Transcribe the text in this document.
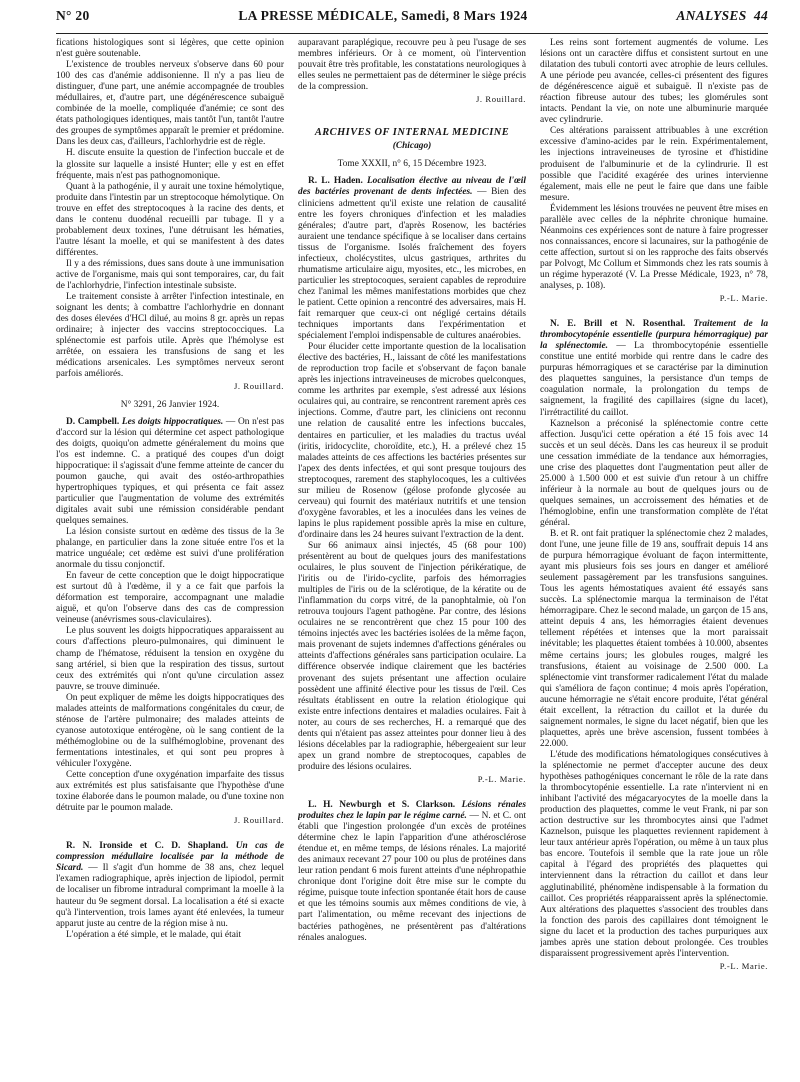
N° 20	LA PRESSE MÉDICALE, Samedi, 8 Mars 1924	ANALYSES 44

fications histologiques sont si légères, que cette opinion n'est guère soutenable.

L'existence de troubles nerveux s'observe dans 60 pour 100 des cas d'anémie addisonienne. Il n'y a pas lieu de distinguer, d'une part, une anémie accompagnée de troubles médullaires, et, d'autre part, une dégénérescence subaiguë combinée de la moelle, compliquée d'anémie; ce sont des états pathologiques identiques, mais tantôt l'un, tantôt l'autre des groupes de symptômes apparaît le premier et prédomine. Dans les deux cas, d'ailleurs, l'achlorhydrie est de règle.

H. discute ensuite la question de l'infection buccale et de la glossite sur laquelle a insisté Hunter; elle y est en effet fréquente, mais n'est pas pathognomonique.

Quant à la pathogénie, il y aurait une toxine hémolytique, produite dans l'intestin par un streptocoque hémolytique. On trouve en effet des streptocoques à la racine des dents, et dans le contenu duodénal recueilli par tubage. Il y a probablement deux toxines, l'une détruisant les hématies, l'autre lésant la moelle, et qui se manifestent à des dates différentes.

Il y a des rémissions, dues sans doute à une immunisation active de l'organisme, mais qui sont temporaires, car, du fait de l'achlorhydrie, l'infection intestinale subsiste.

Le traitement consiste à arrêter l'infection intestinale, en soignant les dents; à combattre l'achlorhydrie en donnant des doses élevées d'HCl dilué, au moins 8 gr. après un repas ordinaire; à injecter des vaccins streptococciques. La splénectomie est parfois utile. Après que l'hémolyse est arrêtée, on essaiera les transfusions de sang et les médications arsenicales. Les symptômes nerveux seront parfois améliorés.

J. Rouillard.
N° 3291, 26 Janvier 1924.

D. Campbell. Les doigts hippocratiques. — On n'est pas d'accord sur la lésion qui détermine cet aspect pathologique des doigts, quoiqu'on admette généralement du moins que l'os est indemne. C. a pratiqué des coupes d'un doigt hippocratique: il s'agissait d'une femme atteinte de cancer du poumon gauche, qui avait des ostéo-arthropathies hypertrophiques typiques, et qui présenta ce fait assez particulier que l'augmentation de volume des extrémités digitales avait subi une rémission considérable pendant quelques semaines.

La lésion consiste surtout en œdème des tissus de la 3e phalange, en particulier dans la zone située entre l'os et la matrice unguéale; cet œdème est suivi d'une prolifération anormale du tissu conjonctif.

En faveur de cette conception que le doigt hippocratique est surtout dû à l'œdème, il y a ce fait que parfois la déformation est temporaire, accompagnant une maladie aiguë, et qu'on l'observe dans des cas de compression veineuse (anévrismes sous-claviculaires).

Le plus souvent les doigts hippocratiques apparaissent au cours d'affections pleuro-pulmonaires, qui diminuent le champ de l'hématose, réduisent la tension en oxygène du sang artériel, si bien que la respiration des tissus, surtout ceux des extrémités qui n'ont qu'une circulation assez pauvre, se trouve diminuée.

On peut expliquer de même les doigts hippocratiques des malades atteints de malformations congénitales du cœur, de sténose de l'artère pulmonaire; des malades atteints de cyanose autotoxique entérogène, où le sang contient de la méthémoglobine ou de la sulfhémoglobine, provenant des fermentations intestinales, et qui sont peu propres à véhiculer l'oxygène.

Cette conception d'une oxygénation imparfaite des tissus aux extrémités est plus satisfaisante que l'hypothèse d'une toxine élaborée dans le poumon malade, ou d'une toxine non détruite par le poumon malade.

J. Rouillard.

R. N. Ironside et C. D. Shapland. Un cas de compression médullaire localisée par la méthode de Sicard. — Il s'agit d'un homme de 38 ans, chez lequel l'examen radiographique, après injection de lipiodol, permit de localiser un fibrome intradural comprimant la moelle à la hauteur du 9e segment dorsal. La localisation a été si exacte qu'à l'intervention, trois lames ayant été enlevées, la tumeur apparut juste au centre de la région mise à nu.

L'opération a été simple, et le malade, qui était

auparavant paraplégique, recouvre peu à peu l'usage de ses membres inférieurs. Or à ce moment, où l'intervention pouvait être très profitable, les constatations neurologiques à elles seules ne permettaient pas de déterminer le siège précis de la compression.

J. Rouillard.
ARCHIVES OF INTERNAL MEDICINE
(Chicago)
Tome XXXII, n° 6, 15 Décembre 1923.

R. L. Haden. Localisation élective au niveau de l'œil des bactéries provenant de dents infectées. — Bien des cliniciens admettent qu'il existe une relation de causalité entre les foyers chroniques d'infection et les maladies générales; d'autre part, d'après Rosenow, les bactéries auraient une tendance spécifique à se localiser dans certains tissus de l'organisme. Isolés fraîchement des foyers infectieux, cholécystites, ulcus gastriques, arthrites du rhumatisme articulaire aigu, myosites, etc., les microbes, en particulier les streptocoques, seraient capables de reproduire chez l'animal les mêmes manifestations morbides que chez le patient. Cette opinion a rencontré des adversaires, mais H. fait remarquer que ceux-ci ont négligé certains détails techniques importants dans l'expérimentation et spécialement l'emploi indispensable de cultures anaérobies.

Pour élucider cette importante question de la localisation élective des bactéries, H., laissant de côté les manifestations de reproduction trop facile et s'observant de façon banale après les injections intraveineuses de microbes quelconques, comme les arthrites par exemple, s'est adressé aux lésions oculaires qui, au contraire, se rencontrent rarement après ces injections. Comme, d'autre part, les cliniciens ont reconnu une relation de causalité entre les infections buccales, dentaires en particulier, et les maladies du tractus uvéal (iritis, iridocyclite, choroïdite, etc.), H. a prélevé chez 15 malades atteints de ces affections les bactéries présentes sur l'apex des dents infectées, et qui sont presque toujours des streptocoques, rarement des staphylocoques, les a cultivées sur milieu de Rosenow (gélose profonde glycosée au cerveau) qui fournit des matériaux nutritifs et une tension d'oxygène favorables, et les a inoculées dans les veines de lapins le plus rapidement possible après la mise en culture, d'ordinaire dans les 24 heures suivant l'extraction de la dent.

Sur 66 animaux ainsi injectés, 45 (68 pour 100) présentèrent au bout de quelques jours des manifestations oculaires, le plus souvent de l'injection périkératique, de l'iritis ou de l'irido-cyclite, parfois des hémorragies multiples de l'iris ou de la sclérotique, de la kératite ou de l'inflammation du corps vitré, de la panophtalmie, où l'on retrouva toujours l'agent pathogène. Par contre, des lésions oculaires ne se rencontrèrent que chez 15 pour 100 des témoins injectés avec les bactéries isolées de la même façon, mais provenant de sujets indemnes d'affections générales ou atteints d'affections générales sans participation oculaire. La différence observée indique clairement que les bactéries provenant des sujets présentant une affection oculaire possèdent une affinité élective pour les tissus de l'œil. Ces résultats établissent en outre la relation étiologique qui existe entre infections dentaires et maladies oculaires. Fait à noter, au cours de ses recherches, H. a remarqué que des dents qui n'étaient pas assez atteintes pour donner lieu à des lésions décelables par la radiographie, hébergeaient sur leur apex un grand nombre de streptocoques, capables de produire des lésions oculaires.

P.-L. Marie.

L. H. Newburgh et S. Clarkson. Lésions rénales produites chez le lapin par le régime carné. — N. et C. ont établi que l'ingestion prolongée d'un excès de protéines détermine chez le lapin l'apparition d'une athérosclérose étendue et, en même temps, de lésions rénales. La majorité des animaux recevant 27 pour 100 ou plus de protéines dans leur ration pendant 6 mois furent atteints d'une néphropathie chronique dont l'origine doit être mise sur le compte du régime, puisque toute infection spontanée était hors de cause et que les témoins soumis aux mêmes conditions de vie, à part l'alimentation, ou même recevant des injections de bactéries pathogènes, ne présentèrent pas d'altérations rénales analogues.

Les reins sont fortement augmentés de volume. Les lésions ont un caractère diffus et consistent surtout en une dilatation des tubuli contorti avec atrophie de leurs cellules. A une période peu avancée, celles-ci présentent des figures de dégénérescence aiguë et subaiguë. Il n'existe pas de réaction fibreuse autour des tubes; les glomérules sont intacts. Pendant la vie, on note une albuminurie marquée avec cylindrurie.

Ces altérations paraissent attribuables à une excrétion excessive d'amino-acides par le rein. Expérimentalement, les injections intraveineuses de tyrosine et d'histidine produisent de l'albuminurie et de la cylindrurie. Il est possible que l'acidité exagérée des urines intervienne également, mais elle ne peut le faire que dans une faible mesure.

Évidemment les lésions trouvées ne peuvent être mises en parallèle avec celles de la néphrite chronique humaine. Néanmoins ces expériences sont de nature à faire progresser nos connaissances, encore si lacunaires, sur la pathogénie de cette affection, surtout si on les rapproche des faits observés par Polvogt, Mc Collum et Simmonds chez les rats soumis à un régime hyperazoté (V. La Presse Médicale, 1923, n° 78, analyses, p. 108).

P.-L. Marie.

N. E. Brill et N. Rosenthal. Traitement de la thrombocytopénie essentielle (purpura hémorragique) par la splénectomie. — La thrombocytopénie essentielle constitue une entité morbide qui rentre dans le cadre des purpuras hémorragiques et se caractérise par la diminution des plaquettes sanguines, la persistance d'un temps de coagulation normale, la prolongation du temps de saignement, la fragilité des capillaires (signe du lacet), l'irrétractilité du caillot.

Kaznelson a préconisé la splénectomie contre cette affection. Jusqu'ici cette opération a été 15 fois avec 14 succès et un seul décès. Dans les cas heureux il se produit une cessation immédiate de la tendance aux hémorragies, une crise des plaquettes dont l'augmentation peut aller de 25.000 à 1.500 000 et est suivie d'un retour à un chiffre inférieur à la normale au bout de quelques jours ou de quelques semaines, un accroissement des hématies et de l'hémoglobine, enfin une transformation complète de l'état général.

B. et R. ont fait pratiquer la splénectomie chez 2 malades, dont l'une, une jeune fille de 19 ans, souffrait depuis 14 ans de purpura hémorragique évoluant de façon intermittente, ayant mis plusieurs fois ses jours en danger et amélioré seulement passagèrement par les transfusions sanguines. Tous les agents hémostatiques avaient été essayés sans succès. La splénectomie marqua la terminaison de l'état hémorragipare. Chez le second malade, un garçon de 15 ans, atteint depuis 4 ans, les hémorragies étaient devenues tellement répétées et intenses que la mort paraissait inévitable; les plaquettes étaient tombées à 10.000, absentes même certains jours; les globules rouges, malgré les transfusions, étaient au voisinage de 2.500 000. La splénectomie vint transformer radicalement l'état du malade qui s'améliora de façon continue; 4 mois après l'opération, aucune hémorragie ne s'était encore produite, l'état général était excellent, la rétraction du caillot et la durée du saignement normales, le signe du lacet négatif, bien que les plaquettes, après une brève ascension, fussent tombées à 22.000.

L'étude des modifications hématologiques consécutives à la splénectomie ne permet d'accepter aucune des deux hypothèses pathogéniques concernant le rôle de la rate dans la thrombocytopénie essentielle. La rate n'intervient ni en inhibant l'activité des mégacaryocytes de la moelle dans la production des plaquettes, comme le veut Frank, ni par son action destructive sur les thrombocytes ainsi que l'admet Kaznelson, puisque les plaquettes reviennent rapidement à leur taux antérieur après l'opération, ou même à un taux plus bas encore. Toutefois il semble que la rate joue un rôle capital à l'égard des propriétés des plaquettes qui interviennent dans la rétraction du caillot et dans leur agglutinabilité, phénomène indispensable à la formation du caillot. Ces propriétés réapparaissent après la splénectomie. Aux altérations des plaquettes s'associent des troubles dans la fonction des parois des capillaires dont témoignent le signe du lacet et la production des taches purpuriques aux jambes après une station debout prolongée. Ces troubles disparaissent progressivement après l'intervention.

P.-L. Marie.
